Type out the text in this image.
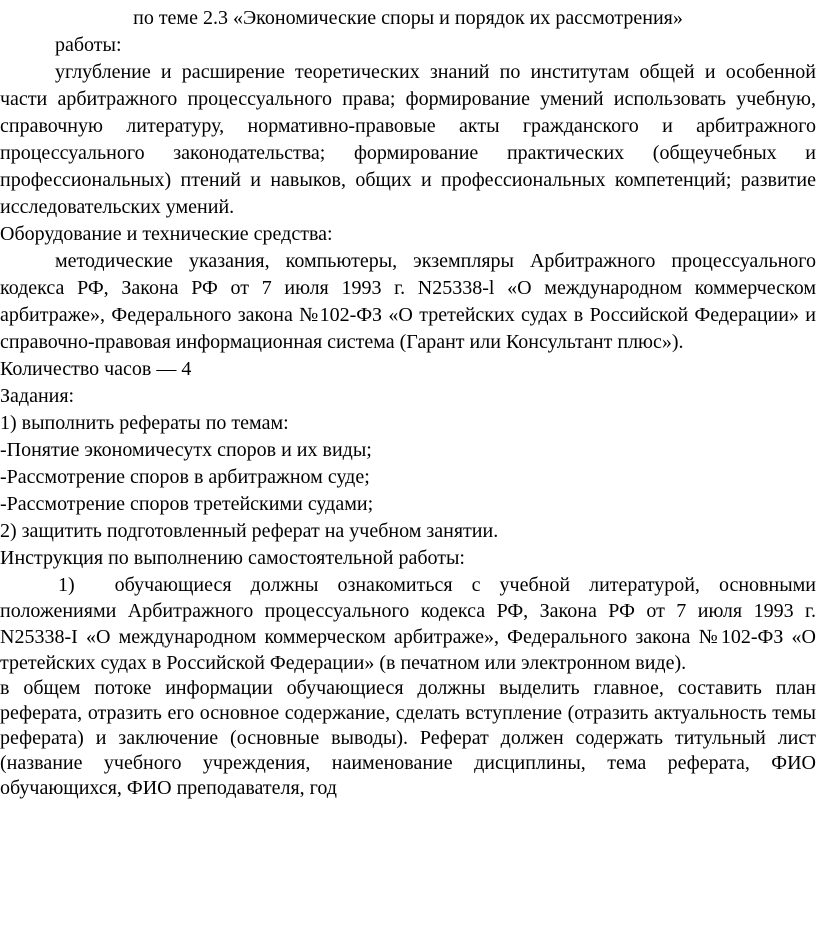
по теме 2.3 «Экономические споры и порядок их рассмотрения»

работы:

углубление и расширение теоретических знаний по институтам общей и особенной части арбитражного процессуального права; формирование умений использовать учебную, справочную литературу, нормативно-правовые акты гражданского и арбитражного процессуального законодательства; формирование практических (общеучебных и профессиональных) птений и навыков, общих и профессиональных компетенций; развитие исследовательских умений.

Оборудование и технические средства:

методические указания, компьютеры, экземпляры Арбитражного процессуального кодекса РФ, Закона РФ от 7 июля 1993 г. N25338-l «О международном коммерческом арбитраже», Федерального закона №102-ФЗ «О третейских судах в Российской Федерации» и справочно-правовая информационная система (Гарант или Консультант плюс»).

Количество часов — 4

Задания:

1) выполнить рефераты по темам:

-Понятие экономичесутх споров и их виды;

-Рассмотрение споров в арбитражном суде;

-Рассмотрение споров третейскими судами;

2) защитить подготовленный реферат на учебном занятии.

Инструкция по выполнению самостоятельной работы:

1) обучающиеся должны ознакомиться с учебной литературой, основными положениями Арбитражного процессуального кодекса РФ, Закона РФ от 7 июля 1993 г. N25338-I «О международном коммерческом арбитраже», Федерального закона №102-ФЗ «О третейских судах в Российской Федерации» (в печатном или электронном виде).

в общем потоке информации обучающиеся должны выделить главное, составить план реферата, отразить его основное содержание, сделать вступление (отразить актуальность темы реферата) и заключение (основные выводы). Реферат должен содержать титульный лист (название учебного учреждения, наименование дисциплины, тема реферата, ФИО обучающихся, ФИО преподавателя, год
